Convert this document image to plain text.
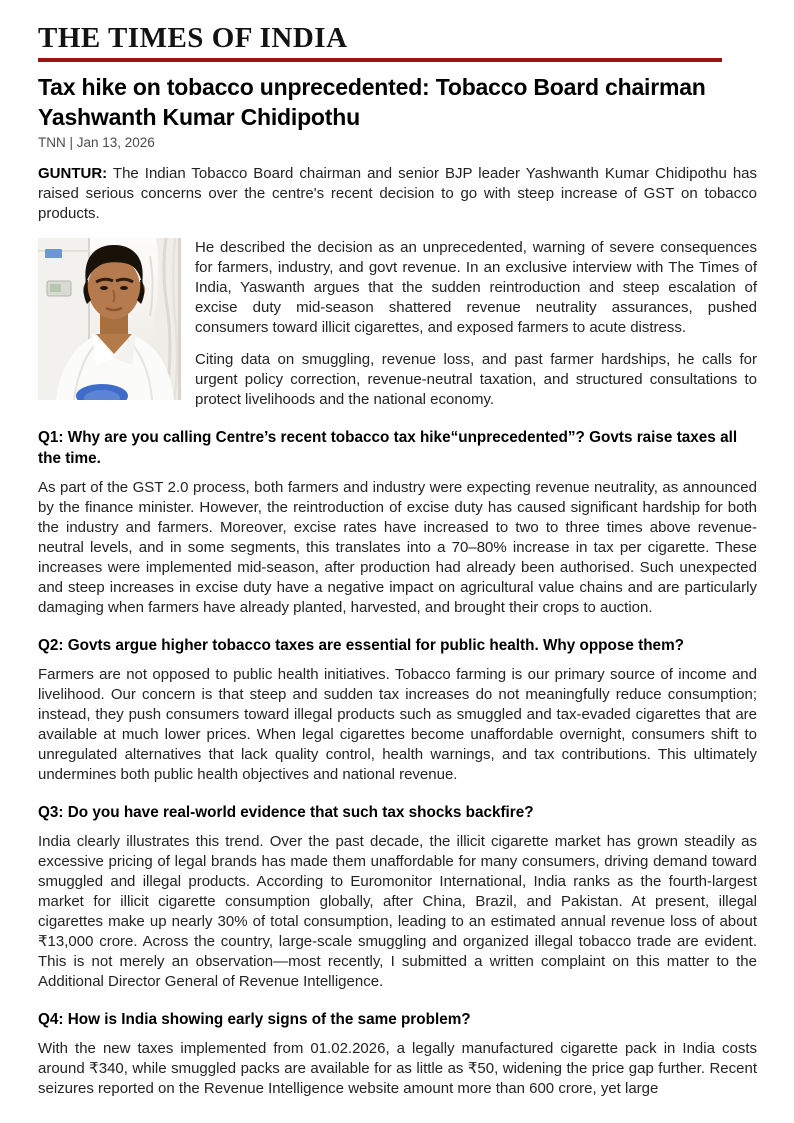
THE TIMES OF INDIA
Tax hike on tobacco unprecedented: Tobacco Board chairman Yashwanth Kumar Chidipothu
TNN | Jan 13, 2026

GUNTUR: The Indian Tobacco Board chairman and senior BJP leader Yashwanth Kumar Chidipothu has raised serious concerns over the centre's recent decision to go with steep increase of GST on tobacco products.

He described the decision as an unprecedented, warning of severe consequences for farmers, industry, and govt revenue. In an exclusive interview with The Times of India, Yaswanth argues that the sudden reintroduction and steep escalation of excise duty mid-season shattered revenue neutrality assurances, pushed consumers toward illicit cigarettes, and exposed farmers to acute distress.

Citing data on smuggling, revenue loss, and past farmer hardships, he calls for urgent policy correction, revenue-neutral taxation, and structured consultations to protect livelihoods and the national economy.

Q1: Why are you calling Centre’s recent tobacco tax hike“unprecedented”? Govts raise taxes all the time.

As part of the GST 2.0 process, both farmers and industry were expecting revenue neutrality, as announced by the finance minister. However, the reintroduction of excise duty has caused significant hardship for both the industry and farmers. Moreover, excise rates have increased to two to three times above revenue-neutral levels, and in some segments, this translates into a 70–80% increase in tax per cigarette. These increases were implemented mid-season, after production had already been authorised. Such unexpected and steep increases in excise duty have a negative impact on agricultural value chains and are particularly damaging when farmers have already planted, harvested, and brought their crops to auction.

Q2: Govts argue higher tobacco taxes are essential for public health. Why oppose them?

Farmers are not opposed to public health initiatives. Tobacco farming is our primary source of income and livelihood. Our concern is that steep and sudden tax increases do not meaningfully reduce consumption; instead, they push consumers toward illegal products such as smuggled and tax-evaded cigarettes that are available at much lower prices. When legal cigarettes become unaffordable overnight, consumers shift to unregulated alternatives that lack quality control, health warnings, and tax contributions. This ultimately undermines both public health objectives and national revenue.

Q3: Do you have real-world evidence that such tax shocks backfire?

India clearly illustrates this trend. Over the past decade, the illicit cigarette market has grown steadily as excessive pricing of legal brands has made them unaffordable for many consumers, driving demand toward smuggled and illegal products. According to Euromonitor International, India ranks as the fourth-largest market for illicit cigarette consumption globally, after China, Brazil, and Pakistan. At present, illegal cigarettes make up nearly 30% of total consumption, leading to an estimated annual revenue loss of about ₹13,000 crore. Across the country, large-scale smuggling and organized illegal tobacco trade are evident. This is not merely an observation—most recently, I submitted a written complaint on this matter to the Additional Director General of Revenue Intelligence.

Q4: How is India showing early signs of the same problem?

With the new taxes implemented from 01.02.2026, a legally manufactured cigarette pack in India costs around ₹340, while smuggled packs are available for as little as ₹50, widening the price gap further. Recent seizures reported on the Revenue Intelligence website amount more than 600 crore, yet large
